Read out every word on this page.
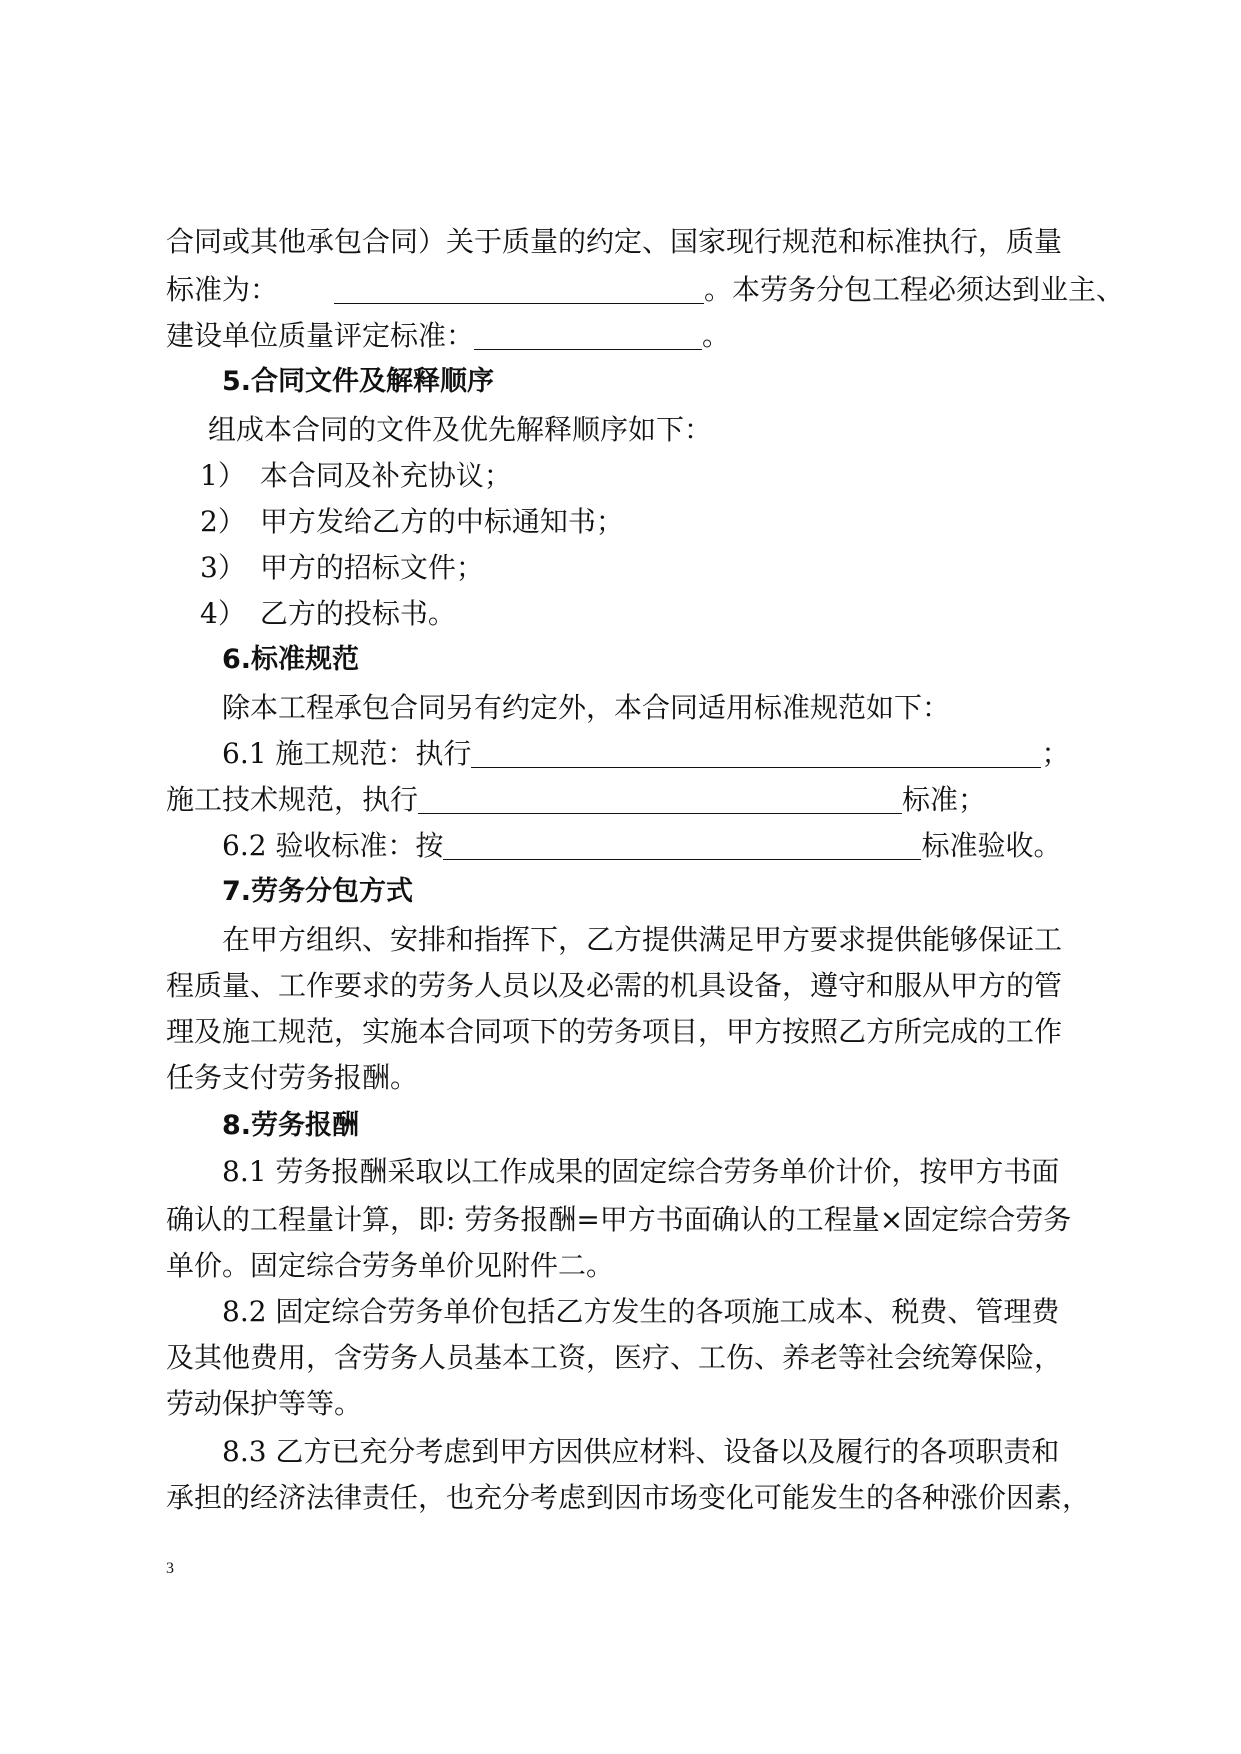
合同或其他承包合同）关于质量的约定、国家现行规范和标准执行，质量
标准为：	。本劳务分包工程必须达到业主、
建设单位质量评定标准：	。
5.合同文件及解释顺序
组成本合同的文件及优先解释顺序如下：
1） 本合同及补充协议；
2） 甲方发给乙方的中标通知书；
3） 甲方的招标文件；
4） 乙方的投标书。
6.标准规范
除本工程承包合同另有约定外，本合同适用标准规范如下：
6.1 施工规范：执行	；
施工技术规范，执行	标准；
6.2 验收标准：按	标准验收。
7.劳务分包方式
在甲方组织、安排和指挥下，乙方提供满足甲方要求提供能够保证工
程质量、工作要求的劳务人员以及必需的机具设备，遵守和服从甲方的管
理及施工规范，实施本合同项下的劳务项目，甲方按照乙方所完成的工作
任务支付劳务报酬。
8.劳务报酬
8.1 劳务报酬采取以工作成果的固定综合劳务单价计价，按甲方书面
确认的工程量计算，即: 劳务报酬=甲方书面确认的工程量×固定综合劳务
单价。固定综合劳务单价见附件二。
8.2 固定综合劳务单价包括乙方发生的各项施工成本、税费、管理费
及其他费用，含劳务人员基本工资，医疗、工伤、养老等社会统筹保险，
劳动保护等等。
8.3 乙方已充分考虑到甲方因供应材料、设备以及履行的各项职责和
承担的经济法律责任，也充分考虑到因市场变化可能发生的各种涨价因素，
3
